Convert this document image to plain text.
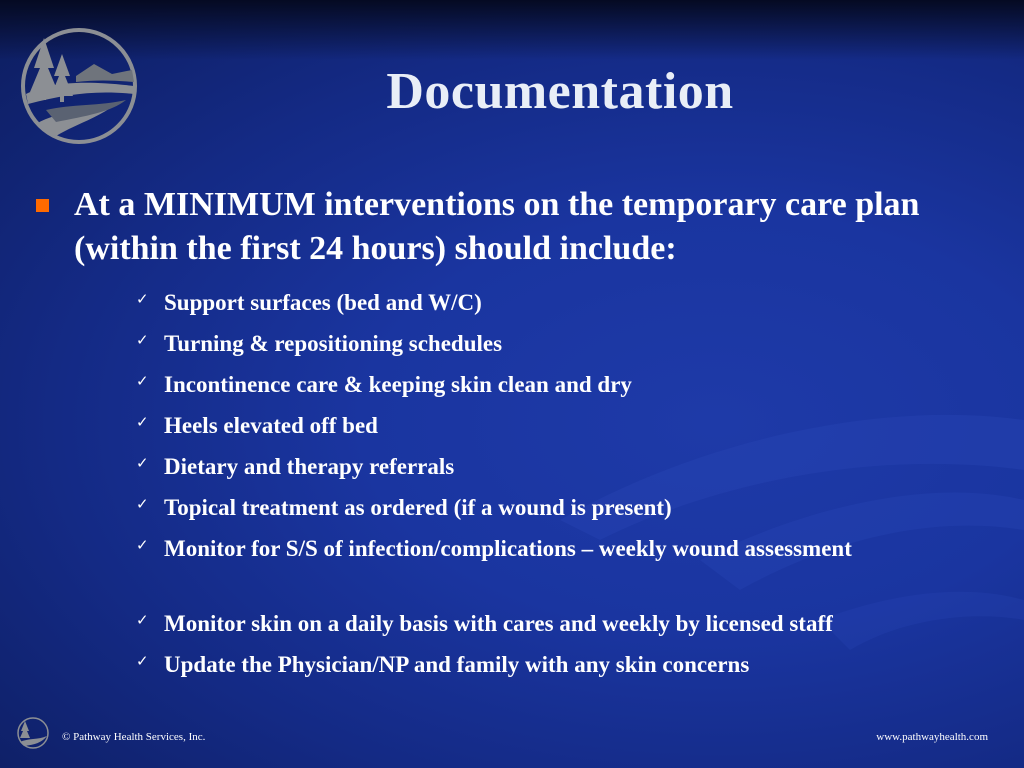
Documentation
At a MINIMUM interventions on the temporary care plan (within the first 24 hours) should include:
✓ Support surfaces (bed and W/C)
✓ Turning & repositioning schedules
✓ Incontinence care & keeping skin clean and dry
✓ Heels elevated off bed
✓ Dietary and therapy referrals
✓ Topical treatment as ordered (if a wound is present)
✓ Monitor for S/S of infection/complications – weekly wound assessment
✓ Monitor skin on a daily basis with cares and weekly by licensed staff
✓ Update the Physician/NP and family with any skin concerns
© Pathway Health Services, Inc.	www.pathwayhealth.com
